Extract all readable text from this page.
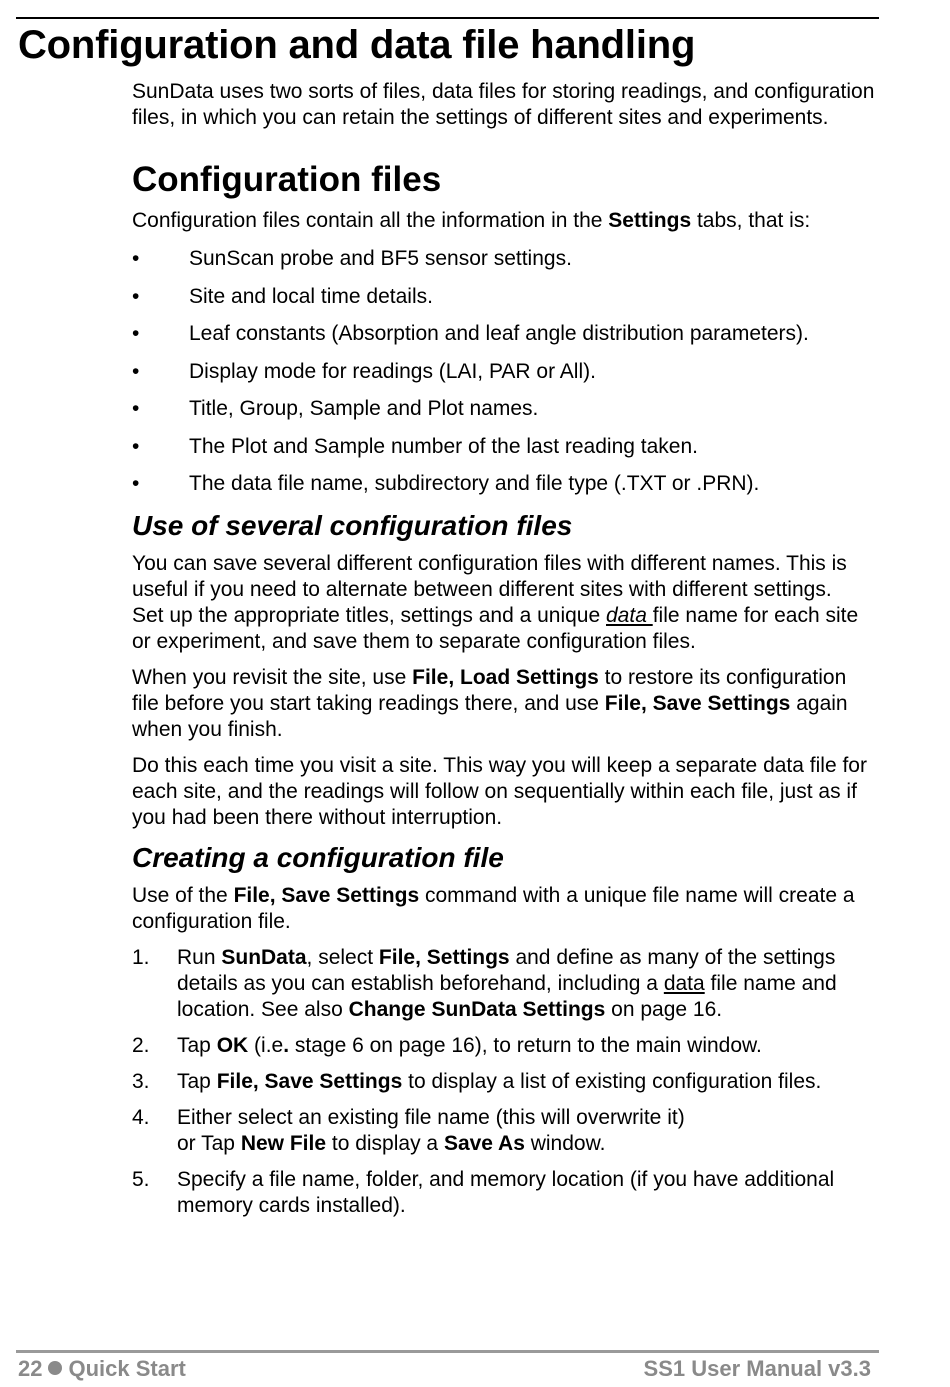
Configuration and data file handling

SunData uses two sorts of files, data files for storing readings, and configuration files, in which you can retain the settings of different sites and experiments.

Configuration files

Configuration files contain all the information in the Settings tabs, that is:

• SunScan probe and BF5 sensor settings.
• Site and local time details.
• Leaf constants (Absorption and leaf angle distribution parameters).
• Display mode for readings (LAI, PAR or All).
• Title, Group, Sample and Plot names.
• The Plot and Sample number of the last reading taken.
• The data file name, subdirectory and file type (.TXT or .PRN).
Use of several configuration files

You can save several different configuration files with different names. This is useful if you need to alternate between different sites with different settings.

Set up the appropriate titles, settings and a unique data file name for each site or experiment, and save them to separate configuration files.

When you revisit the site, use File, Load Settings to restore its configuration file before you start taking readings there, and use File, Save Settings again when you finish.

Do this each time you visit a site. This way you will keep a separate data file for each site, and the readings will follow on sequentially within each file, just as if you had been there without interruption.

Creating a configuration file

Use of the File, Save Settings command with a unique file name will create a configuration file.

1. Run SunData, select File, Settings and define as many of the settings details as you can establish beforehand, including a data file name and location. See also Change SunData Settings on page 16.
2. Tap OK (i.e. stage 6 on page 16), to return to the main window.
3. Tap File, Save Settings to display a list of existing configuration files.
4. Either select an existing file name (this will overwrite it)
or Tap New File to display a Save As window.
5. Specify a file name, folder, and memory location (if you have additional memory cards installed).
22 Quick Start	SS1 User Manual v3.3
